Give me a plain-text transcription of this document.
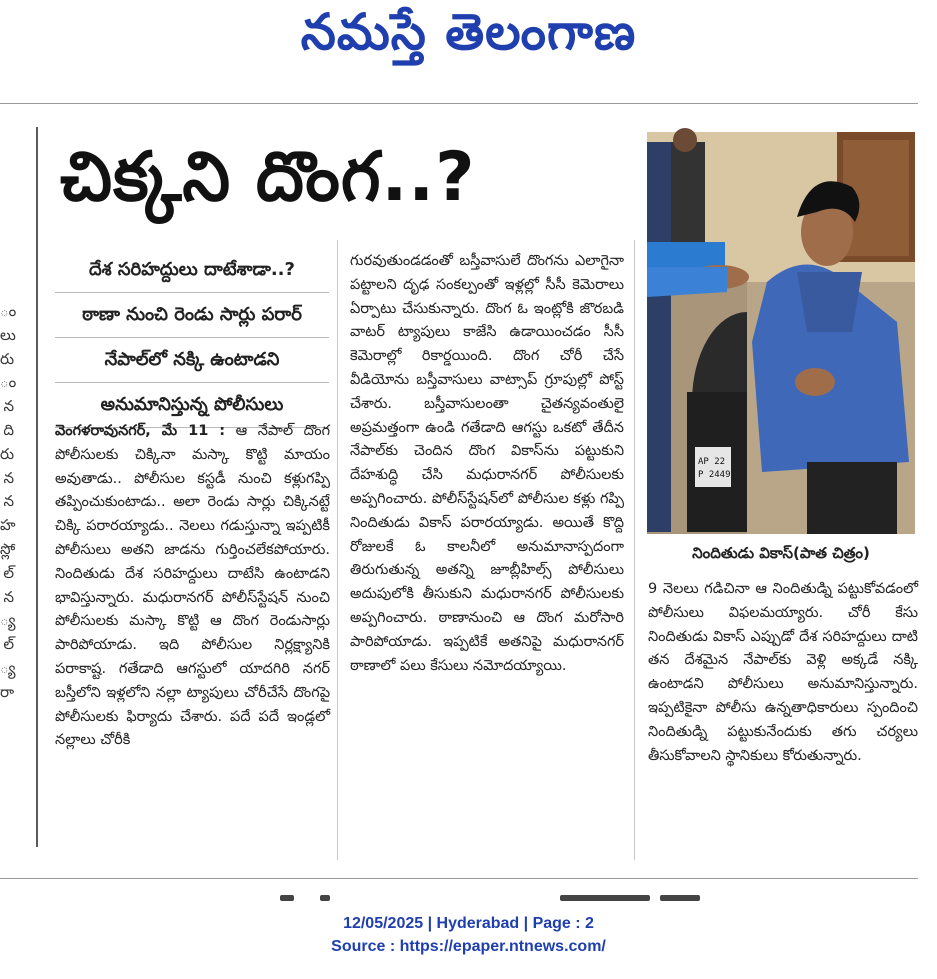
నమస్తే తెలంగాణ
ం
లు
రు
ం
న
ది
రు
న
న
హ
స్లో
ల్
న
్య
ల్
్య
రా
చిక్కని దొంగ..?
దేశ సరిహద్దులు దాటేశాడా..?
ఠాణా నుంచి రెండు సార్లు పరార్
నేపాల్‌లో నక్కి ఉంటాడని
అనుమానిస్తున్న పోలీసులు

వెంగళరావునగర్, మే 11 : ఆ నేపాల్ దొంగ పోలీసులకు చిక్కినా మస్కా కొట్టి మాయం అవుతాడు.. పోలీసుల కస్టడీ నుంచి కళ్లుగప్పి తప్పించుకుంటాడు.. అలా రెండు సార్లు చిక్కినట్టే చిక్కి పరారయ్యాడు.. నెలలు గడుస్తున్నా ఇప్పటికీ పోలీసులు అతని జాడను గుర్తించలేకపోయారు. నిందితుడు దేశ సరిహద్దులు దాటేసి ఉంటాడని భావిస్తున్నారు. మధురానగర్ పోలీస్‌స్టేషన్ నుంచి పోలీసులకు మస్కా కొట్టి ఆ దొంగ రెండుసార్లు పారిపోయాడు. ఇది పోలీసుల నిర్లక్ష్యానికి పరాకాష్ట. గతేడాది ఆగస్టులో యాదగిరి నగర్ బస్తీలోని ఇళ్లలోని నల్లా ట్యాపులు చోరీచేసే దొంగపై పోలీసులకు ఫిర్యాదు చేశారు. పదే పదే ఇండ్లలో నల్లాలు చోరీకి

గురవుతుండడంతో బస్తీవాసులే దొంగను ఎలాగైనా పట్టాలని దృఢ సంకల్పంతో ఇళ్లల్లో సీసీ కెమెరాలు ఏర్పాటు చేసుకున్నారు. దొంగ ఓ ఇంట్లోకి జొరబడి వాటర్ ట్యాపులు కాజేసి ఉడాయించడం సీసీ కెమెరాల్లో రికార్డయింది. దొంగ చోరీ చేసే వీడియోను బస్తీవాసులు వాట్సాప్ గ్రూపుల్లో పోస్ట్ చేశారు. బస్తీవాసులంతా చైతన్యవంతులై అప్రమత్తంగా ఉండి గతేడాది ఆగస్టు ఒకటో తేదీన నేపాల్‌కు చెందిన దొంగ వికాస్‌ను పట్టుకుని దేహశుద్ధి చేసి మధురానగర్ పోలీసులకు అప్పగించారు. పోలీస్‌స్టేషన్‌లో పోలీసుల కళ్లు గప్పి నిందితుడు వికాస్ పరారయ్యాడు. అయితే కొద్ది రోజులకే ఓ కాలనీలో అనుమానాస్పదంగా తిరుగుతున్న అతన్ని జూబ్లీహిల్స్ పోలీసులు అదుపులోకి తీసుకుని మధురానగర్ పోలీసులకు అప్పగించారు. ఠాణానుంచి ఆ దొంగ మరోసారి పారిపోయాడు. ఇప్పటికే అతనిపై మధురానగర్ ఠాణాలో పలు కేసులు నమోదయ్యాయి.

AP 22
P 2449
నిందితుడు వికాస్(పాత చిత్రం)

9 నెలలు గడిచినా ఆ నిందితుడ్ని పట్టుకోవడంలో పోలీసులు విఫలమయ్యారు. చోరీ కేసు నిందితుడు వికాస్ ఎప్పుడో దేశ సరిహద్దులు దాటి తన దేశమైన నేపాల్‌కు వెళ్లి అక్కడే నక్కి ఉంటాడని పోలీసులు అనుమానిస్తున్నారు. ఇప్పటికైనా పోలీసు ఉన్నతాధికారులు స్పందించి నిందితుడ్ని పట్టుకునేందుకు తగు చర్యలు తీసుకోవాలని స్థానికులు కోరుతున్నారు.

12/05/2025 | Hyderabad | Page : 2
Source : https://epaper.ntnews.com/
